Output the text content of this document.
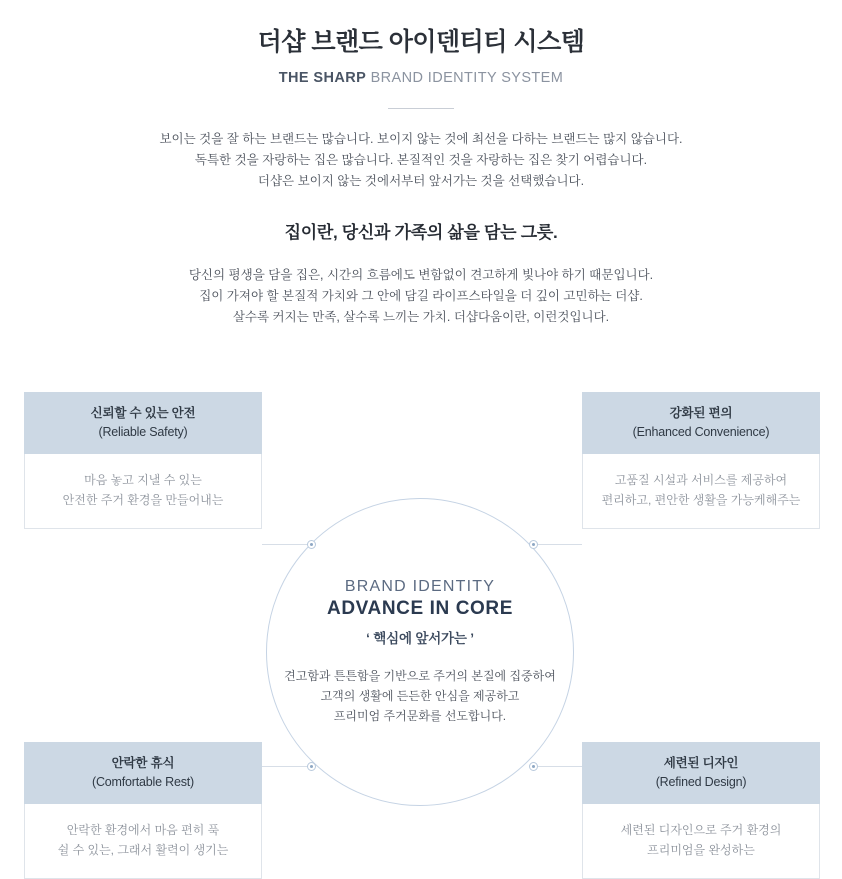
더샵 브랜드 아이덴티티 시스템
THE SHARP BRAND IDENTITY SYSTEM

보이는 것을 잘 하는 브랜드는 많습니다. 보이지 않는 것에 최선을 다하는 브랜드는 많지 않습니다.

독특한 것을 자랑하는 집은 많습니다. 본질적인 것을 자랑하는 집은 찾기 어렵습니다.

더샵은 보이지 않는 것에서부터 앞서가는 것을 선택했습니다.

집이란, 당신과 가족의 삶을 담는 그릇.

당신의 평생을 담을 집은, 시간의 흐름에도 변함없이 견고하게 빛나야 하기 때문입니다.

집이 가져야 할 본질적 가치와 그 안에 담길 라이프스타일을 더 깊이 고민하는 더샵.

살수록 커지는 만족, 살수록 느끼는 가치. 더샵다움이란, 이런것입니다.

BRAND IDENTITY
ADVANCE IN CORE
‘ 핵심에 앞서가는 ’
견고함과 튼튼함을 기반으로 주거의 본질에 집중하여
고객의 생활에 든든한 안심을 제공하고
프리미엄 주거문화를 선도합니다.
신뢰할 수 있는 안전
(Reliable Safety)
마음 놓고 지낼 수 있는
안전한 주거 환경을 만들어내는
강화된 편의
(Enhanced Convenience)
고품질 시설과 서비스를 제공하여
편리하고, 편안한 생활을 가능케해주는
안락한 휴식
(Comfortable Rest)
안락한 환경에서 마음 편히 푹
쉴 수 있는, 그래서 활력이 생기는
세련된 디자인
(Refined Design)
세련된 디자인으로 주거 환경의
프리미엄을 완성하는
